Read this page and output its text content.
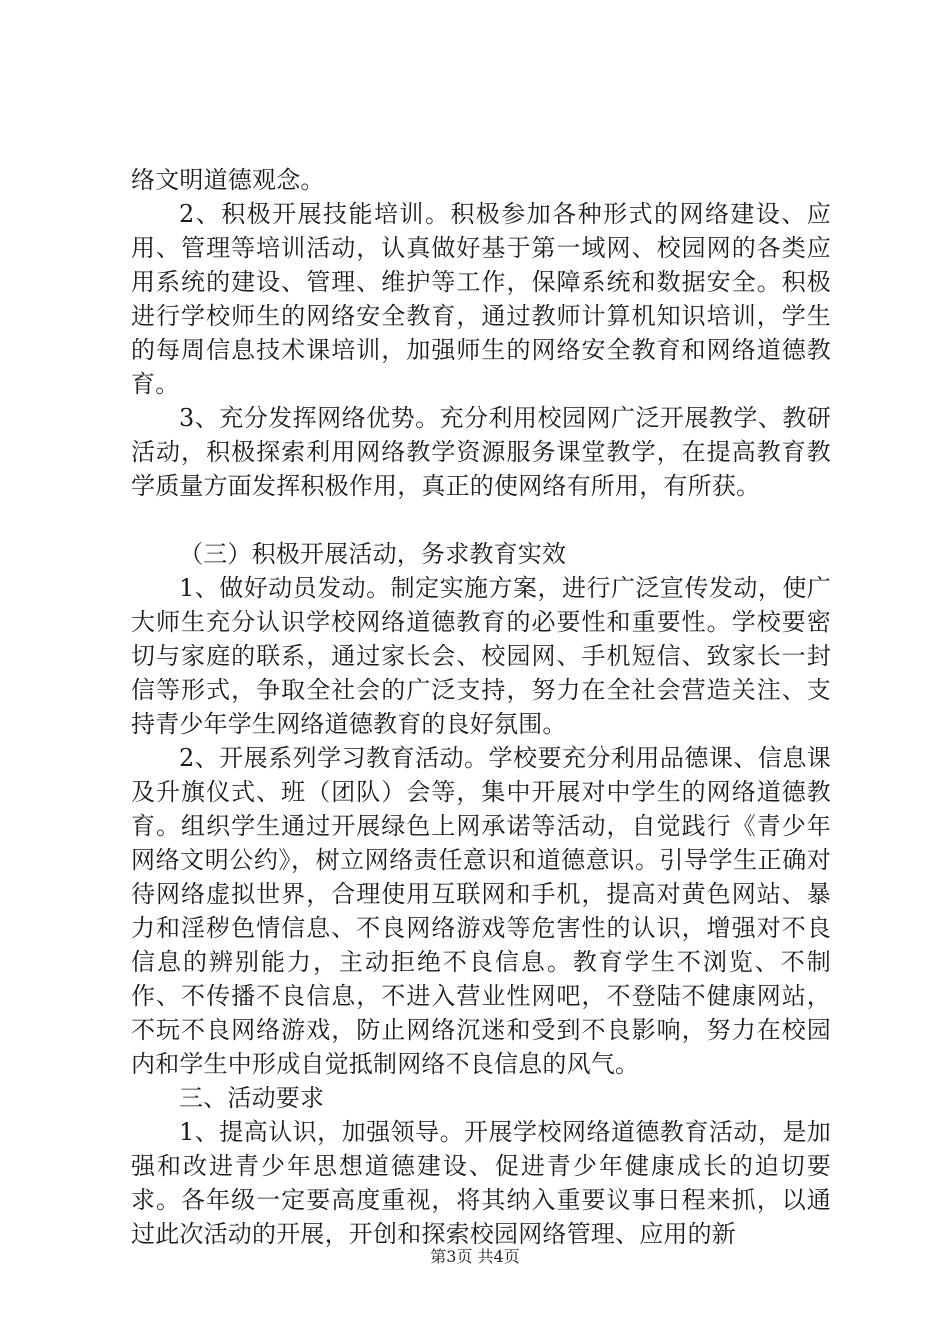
络文明道德观念。

2、积极开展技能培训。积极参加各种形式的网络建设、应用、管理等培训活动，认真做好基于第一域网、校园网的各类应用系统的建设、管理、维护等工作，保障系统和数据安全。积极进行学校师生的网络安全教育，通过教师计算机知识培训，学生的每周信息技术课培训，加强师生的网络安全教育和网络道德教育。

3、充分发挥网络优势。充分利用校园网广泛开展教学、教研活动，积极探索利用网络教学资源服务课堂教学，在提高教育教学质量方面发挥积极作用，真正的使网络有所用，有所获。

（三）积极开展活动，务求教育实效

1、做好动员发动。制定实施方案，进行广泛宣传发动，使广大师生充分认识学校网络道德教育的必要性和重要性。学校要密切与家庭的联系，通过家长会、校园网、手机短信、致家长一封信等形式，争取全社会的广泛支持，努力在全社会营造关注、支持青少年学生网络道德教育的良好氛围。

2、开展系列学习教育活动。学校要充分利用品德课、信息课及升旗仪式、班（团队）会等，集中开展对中学生的网络道德教育。组织学生通过开展绿色上网承诺等活动，自觉践行《青少年网络文明公约》，树立网络责任意识和道德意识。引导学生正确对待网络虚拟世界，合理使用互联网和手机，提高对黄色网站、暴力和淫秽色情信息、不良网络游戏等危害性的认识，增强对不良信息的辨别能力，主动拒绝不良信息。教育学生不浏览、不制作、不传播不良信息，不进入营业性网吧，不登陆不健康网站，不玩不良网络游戏，防止网络沉迷和受到不良影响，努力在校园内和学生中形成自觉抵制网络不良信息的风气。

三、活动要求

1、提高认识，加强领导。开展学校网络道德教育活动，是加强和改进青少年思想道德建设、促进青少年健康成长的迫切要求。各年级一定要高度重视，将其纳入重要议事日程来抓，以通过此次活动的开展，开创和探索校园网络管理、应用的新

第3页 共4页
